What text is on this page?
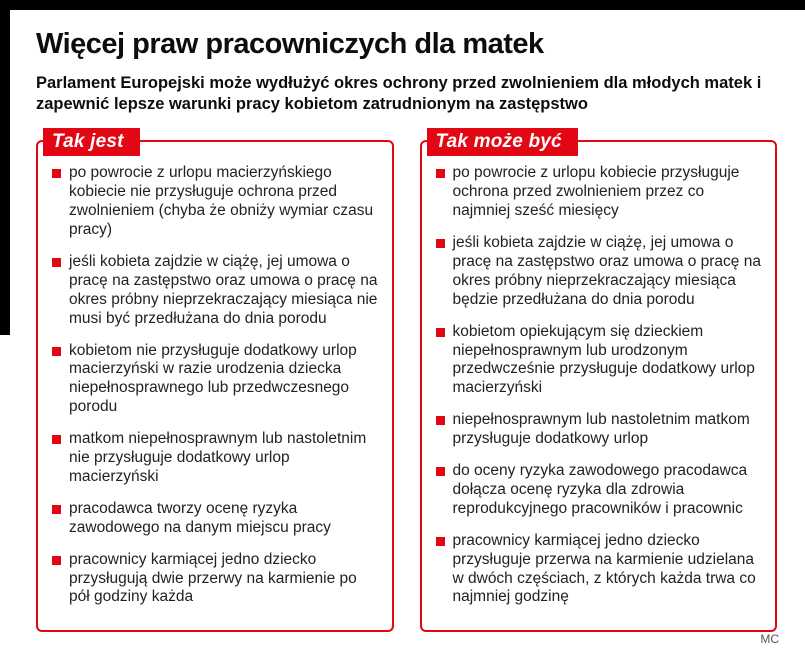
Więcej praw pracowniczych dla matek

Parlament Europejski może wydłużyć okres ochrony przed zwolnieniem dla młodych matek i zapewnić lepsze warunki pracy kobietom zatrudnionym na zastępstwo

Tak jest
po powrocie z urlopu macierzyńskiego kobiecie nie przysługuje ochrona przed zwolnieniem (chyba że obniży wymiar czasu pracy)
jeśli kobieta zajdzie w ciążę, jej umowa o pracę na zastępstwo oraz umowa o pracę na okres próbny nieprzekraczający miesiąca nie musi być przedłużana do dnia porodu
kobietom nie przysługuje dodatkowy urlop macierzyński w razie urodzenia dziecka niepełnosprawnego lub przedwczesnego porodu
matkom niepełnosprawnym lub nastoletnim nie przysługuje dodatkowy urlop macierzyński
pracodawca tworzy ocenę ryzyka zawodowego na danym miejscu pracy
pracownicy karmiącej jedno dziecko przysługują dwie przerwy na karmienie po pół godziny każda
Tak może być
po powrocie z urlopu kobiecie przysługuje ochrona przed zwolnieniem przez co najmniej sześć miesięcy
jeśli kobieta zajdzie w ciążę, jej umowa o pracę na zastępstwo oraz umowa o pracę na okres próbny nieprzekraczający miesiąca będzie przedłużana do dnia porodu
kobietom opiekującym się dzieckiem niepełnosprawnym lub urodzonym przedwcześnie przysługuje dodatkowy urlop macierzyński
niepełnosprawnym lub nastoletnim matkom przysługuje dodatkowy urlop
do oceny ryzyka zawodowego pracodawca dołącza ocenę ryzyka dla zdrowia reprodukcyjnego pracowników i pracownic
pracownicy karmiącej jedno dziecko przysługuje przerwa na karmienie udzielana w dwóch częściach, z których każda trwa co najmniej godzinę
MC
